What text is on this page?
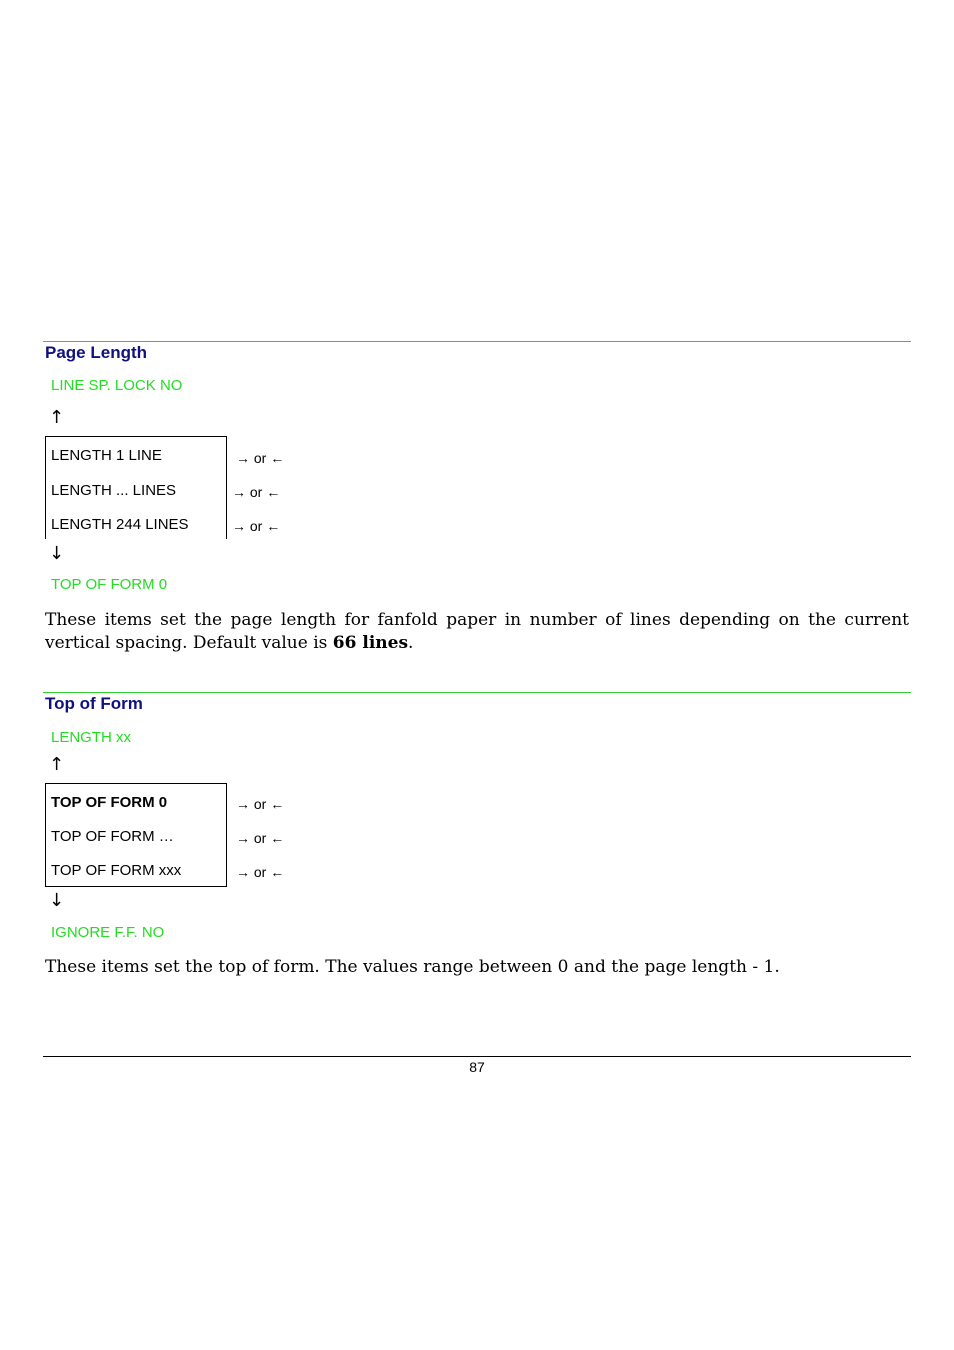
Page Length
LINE SP. LOCK NO
↑
LENGTH 1 LINE	→ or ←
LENGTH ... LINES	→ or ←
LENGTH 244 LINES	→ or ←
↓
TOP OF FORM 0

These items set the page length for fanfold paper in number of lines depending on the current vertical spacing. Default value is 66 lines.

Top of Form
LENGTH xx
↑
TOP OF FORM 0	→ or ←
TOP OF FORM …	→ or ←
TOP OF FORM xxx	→ or ←
↓
IGNORE F.F. NO

These items set the top of form. The values range between 0 and the page length - 1.

87
